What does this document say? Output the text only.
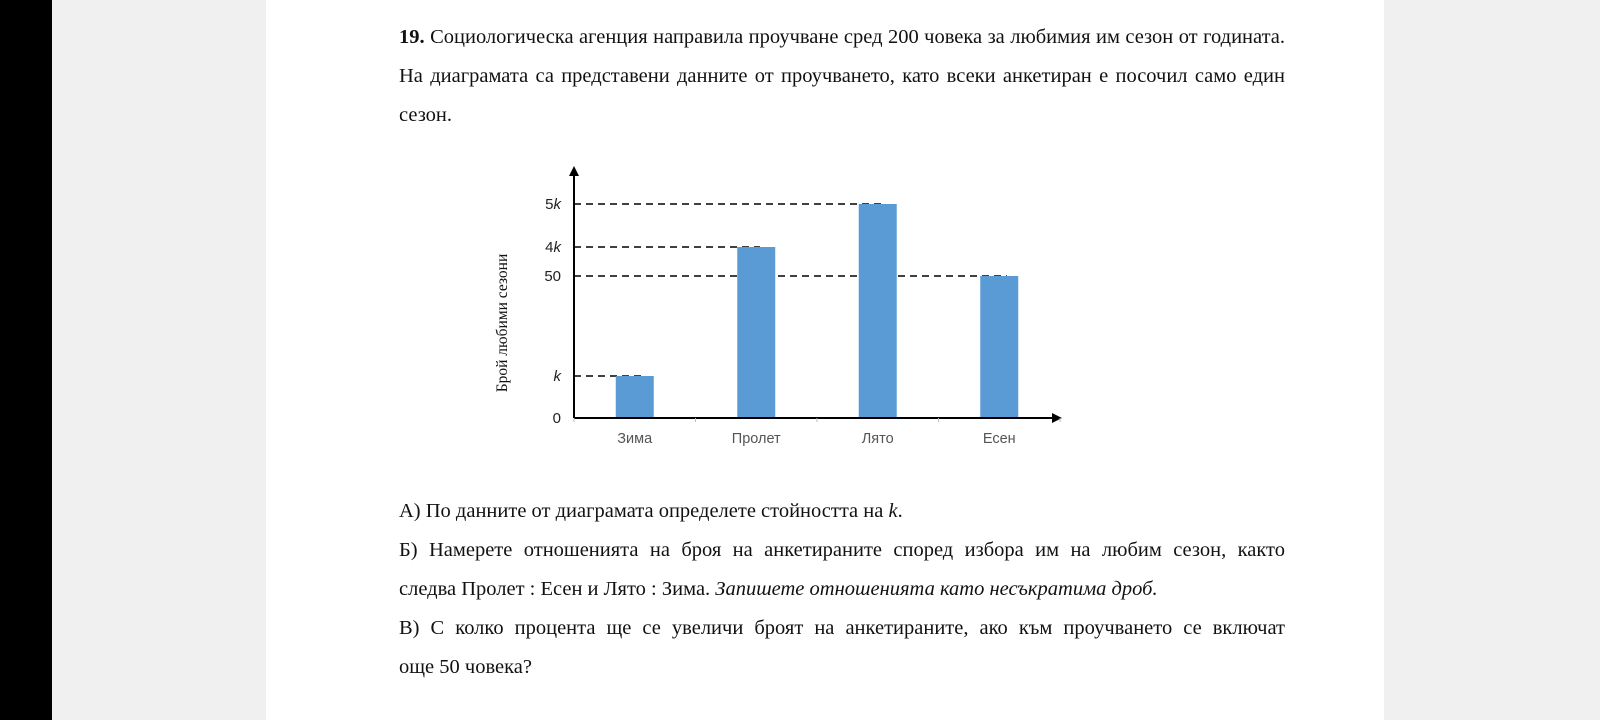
19. Социологическа агенция направила проучване сред 200 човека за любимия им сезон от годината. На диаграмата са представени данните от проучването, като всеки анкетиран е посочил само един сезон.
0
k
50
4k
5k
Зима	Пролет	Лято	Есен
Брой любими сезони

А) По данните от диаграмата определете стойността на k.

Б) Намерете отношенията на броя на анкетираните според избора им на любим сезон, както

следва Пролет : Есен и Лято : Зима. Запишете отношенията като несъкратима дроб.

В) С колко процента ще се увеличи броят на анкетираните, ако към проучването се включат

още 50 човека?
